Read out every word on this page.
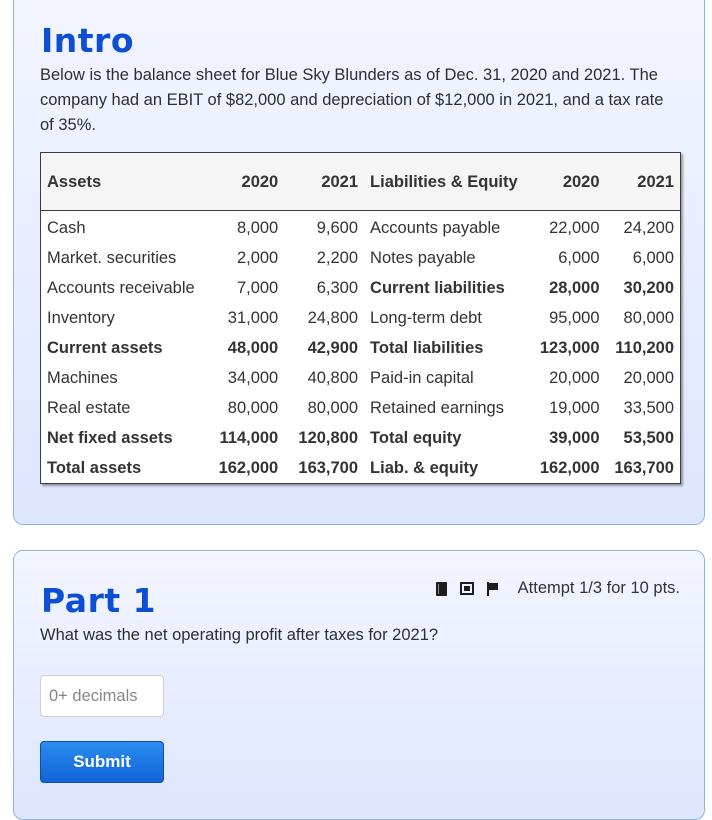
Intro

Below is the balance sheet for Blue Sky Blunders as of Dec. 31, 2020 and 2021. The company had an EBIT of $82,000 and depreciation of $12,000 in 2021, and a tax rate of 35%.

Assets	2020	2021	Liabilities & Equity	2020	2021
Cash	8,000	9,600	Accounts payable	22,000	24,200
Market. securities	2,000	2,200	Notes payable	6,000	6,000
Accounts receivable	7,000	6,300	Current liabilities	28,000	30,200
Inventory	31,000	24,800	Long-term debt	95,000	80,000
Current assets	48,000	42,900	Total liabilities	123,000	110,200
Machines	34,000	40,800	Paid-in capital	20,000	20,000
Real estate	80,000	80,000	Retained earnings	19,000	33,500
Net fixed assets	114,000	120,800	Total equity	39,000	53,500
Total assets	162,000	163,700	Liab. & equity	162,000	163,700
Part 1	Attempt 1/3 for 10 pts.

What was the net operating profit after taxes for 2021?

0+ decimals
Submit
